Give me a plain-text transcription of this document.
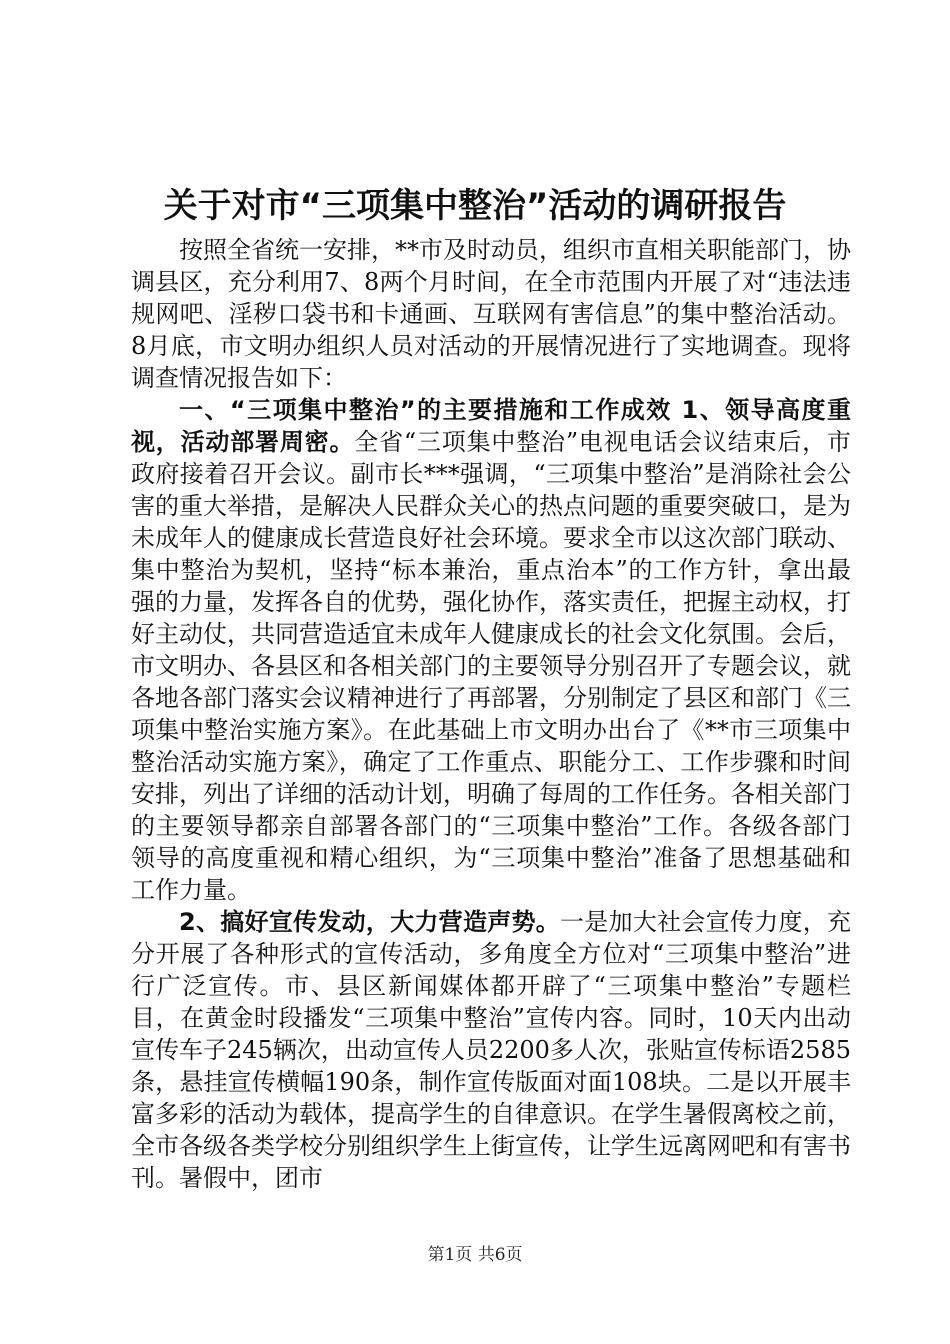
关于对市“三项集中整治”活动的调研报告

按照全省统一安排，**市及时动员，组织市直相关职能部门，协调县区，充分利用7、8两个月时间，在全市范围内开展了对“违法违规网吧、淫秽口袋书和卡通画、互联网有害信息”的集中整治活动。8月底，市文明办组织人员对活动的开展情况进行了实地调查。现将调查情况报告如下：

一、“三项集中整治”的主要措施和工作成效 1、领导高度重视，活动部署周密。全省“三项集中整治”电视电话会议结束后，市政府接着召开会议。副市长***强调，“三项集中整治”是消除社会公害的重大举措，是解决人民群众关心的热点问题的重要突破口，是为未成年人的健康成长营造良好社会环境。要求全市以这次部门联动、集中整治为契机，坚持“标本兼治，重点治本”的工作方针，拿出最强的力量，发挥各自的优势，强化协作，落实责任，把握主动权，打好主动仗，共同营造适宜未成年人健康成长的社会文化氛围。会后，市文明办、各县区和各相关部门的主要领导分别召开了专题会议，就各地各部门落实会议精神进行了再部署，分别制定了县区和部门《三项集中整治实施方案》。在此基础上市文明办出台了《**市三项集中整治活动实施方案》，确定了工作重点、职能分工、工作步骤和时间安排，列出了详细的活动计划，明确了每周的工作任务。各相关部门的主要领导都亲自部署各部门的“三项集中整治”工作。各级各部门领导的高度重视和精心组织，为“三项集中整治”准备了思想基础和工作力量。

2、搞好宣传发动，大力营造声势。一是加大社会宣传力度，充分开展了各种形式的宣传活动，多角度全方位对“三项集中整治”进行广泛宣传。市、县区新闻媒体都开辟了“三项集中整治”专题栏目，在黄金时段播发“三项集中整治”宣传内容。同时，10天内出动宣传车子245辆次，出动宣传人员2200多人次，张贴宣传标语2585条，悬挂宣传横幅190条，制作宣传版面对面108块。二是以开展丰富多彩的活动为载体，提高学生的自律意识。在学生暑假离校之前，全市各级各类学校分别组织学生上街宣传，让学生远离网吧和有害书刊。暑假中，团市

第1页 共6页
